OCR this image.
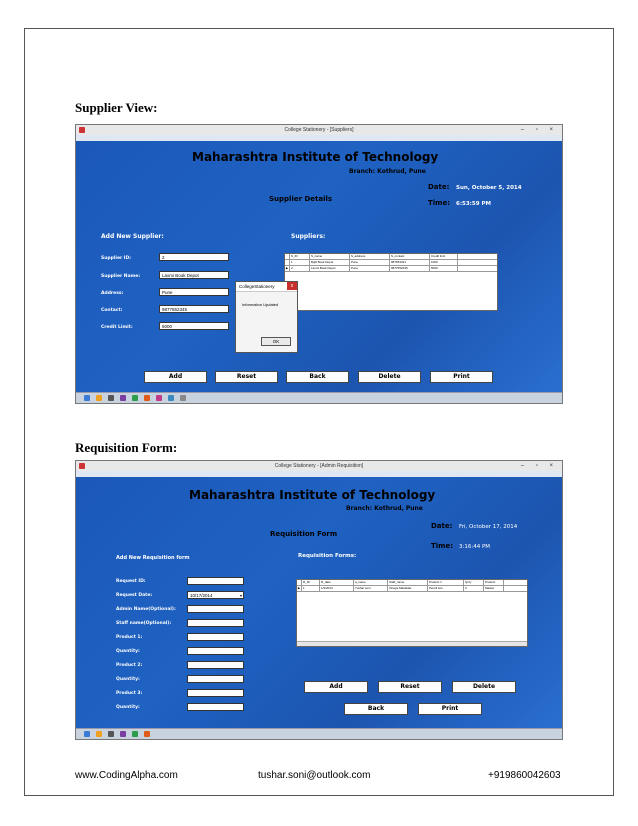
Supplier View:
College Stationery - [Suppliers]	– ▫ ×
Maharashtra Institute of Technology
Branch: Kothrud, Pune
Date: Sun, October 5, 2014
Time: 6:53:59 PM
Supplier Details
Add New Supplier:	Suppliers:
Supplier ID:	2
Supplier Name:	Laxmi Book Depot
Address:	Pune
Contact:	9877652345
Credit Limit:	5000
S_ID	S_name	S_address	S_contact	Credit limit
1	BgR Book Depot	Pune	987654321	1000
▶ 2	Laxmi Book Depot	Pune	9877652345	5000
CollegeStationery	x
Information Updated
OK
Add	Reset	Back	Delete	Print
Requisition Form:
College Stationery - [Admin Requisition]	– ▫ ×
Maharashtra Institute of Technology
Branch: Kothrud, Pune
Date: Fri, October 17, 2014
Time: 3:16:44 PM
Requisition Form
Add New Requisition form	Requisition Forms:
Request ID:
Request Date:	10/17/2014	▾
Admin Name(Optional):
Staff name(Optional):
Product 1:
Quantity:
Product 2:
Quantity:
Product 3:
Quantity:
R_ID	R_date	a_name	Staff_name	Product 1	Qnty	Product
▶ 1	1/2/2014	Tushar soni	Vinaya Mahaldar	Pencil box	3	Marker
Add	Reset	Delete
Back	Print
www.CodingAlpha.com	tushar.soni@outlook.com	+919860042603
